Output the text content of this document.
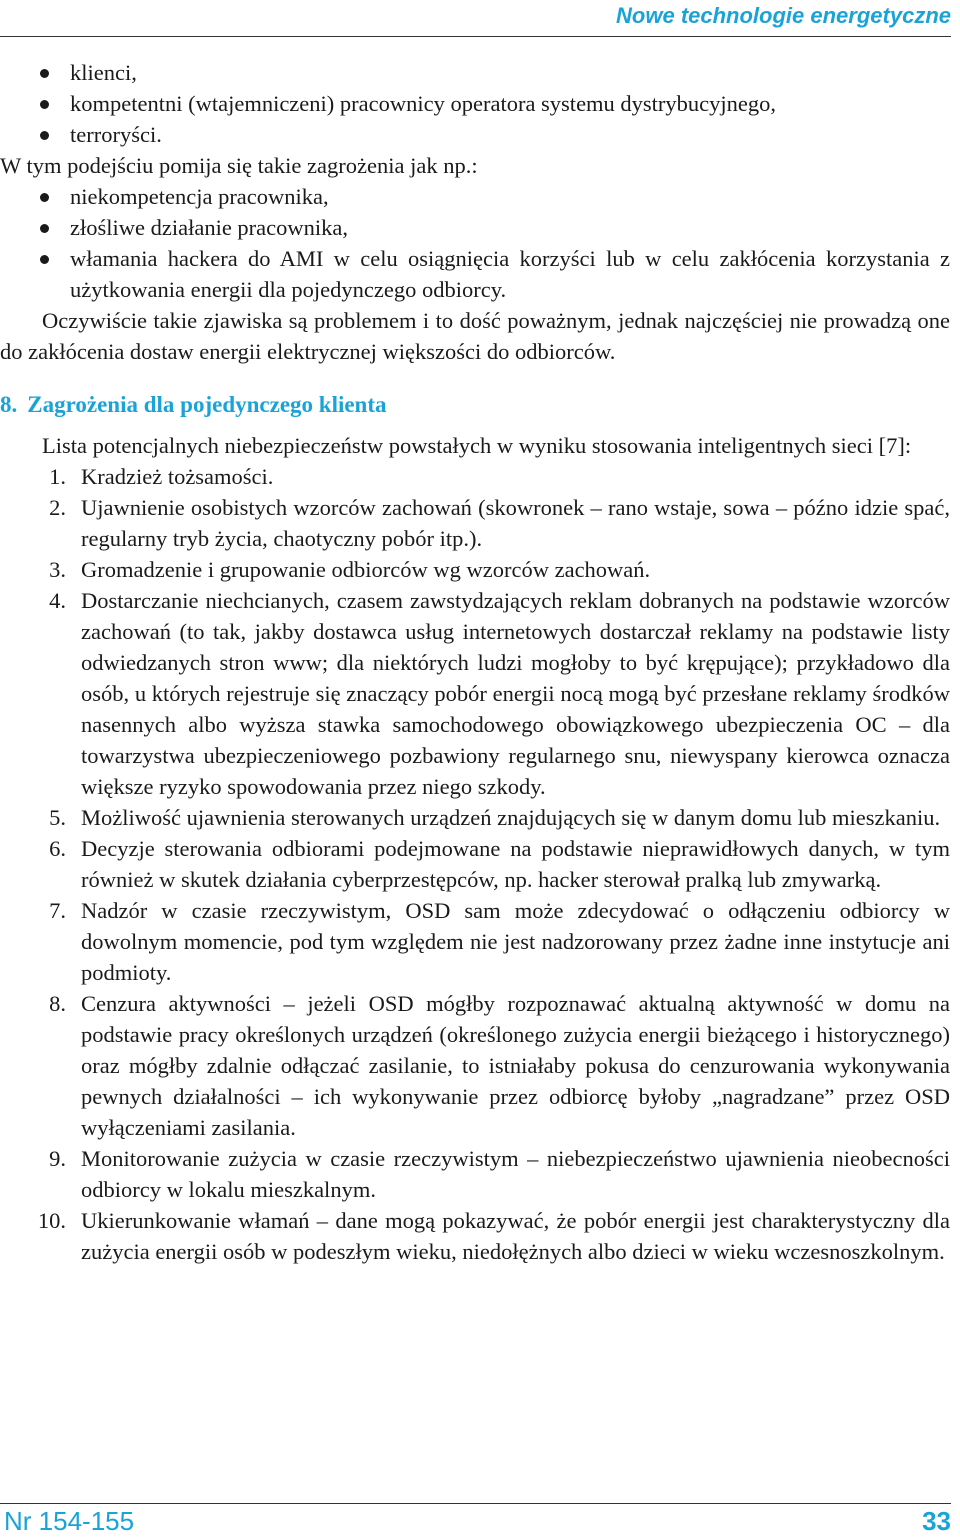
Nowe technologie energetyczne
klienci,
kompetentni (wtajemniczeni) pracownicy operatora systemu dystrybucyjnego,
terroryści.

W tym podejściu pomija się takie zagrożenia jak np.:

niekompetencja pracownika,
złośliwe działanie pracownika,
włamania hackera do AMI w celu osiągnięcia korzyści lub w celu zakłócenia korzystania z użytkowania energii dla pojedynczego odbiorcy.

Oczywiście takie zjawiska są problemem i to dość poważnym, jednak najczęściej nie prowadzą one do zakłócenia dostaw energii elektrycznej większości do odbiorców.

8. Zagrożenia dla pojedynczego klienta

Lista potencjalnych niebezpieczeństw powstałych w wyniku stosowania inteligentnych sieci [7]:

1. Kradzież tożsamości.
2. Ujawnienie osobistych wzorców zachowań (skowronek – rano wstaje, sowa – późno idzie spać, regularny tryb życia, chaotyczny pobór itp.).
3. Gromadzenie i grupowanie odbiorców wg wzorców zachowań.
4. Dostarczanie niechcianych, czasem zawstydzających reklam dobranych na podstawie wzorców zachowań (to tak, jakby dostawca usług internetowych dostarczał reklamy na podstawie listy odwiedzanych stron www; dla niektórych ludzi mogłoby to być krępujące); przykładowo dla osób, u których rejestruje się znaczący pobór energii nocą mogą być przesłane reklamy środków nasennych albo wyższa stawka samochodowego obowiązkowego ubezpieczenia OC – dla towarzystwa ubezpieczeniowego pozbawiony regularnego snu, niewyspany kierowca oznacza większe ryzyko spowodowania przez niego szkody.
5. Możliwość ujawnienia sterowanych urządzeń znajdujących się w danym domu lub mieszkaniu.
6. Decyzje sterowania odbiorami podejmowane na podstawie nieprawidłowych danych, w tym również w skutek działania cyberprzestępców, np. hacker sterował pralką lub zmywarką.
7. Nadzór w czasie rzeczywistym, OSD sam może zdecydować o odłączeniu odbiorcy w dowolnym momencie, pod tym względem nie jest nadzorowany przez żadne inne instytucje ani podmioty.
8. Cenzura aktywności – jeżeli OSD mógłby rozpoznawać aktualną aktywność w domu na podstawie pracy określonych urządzeń (określonego zużycia energii bieżącego i historycznego) oraz mógłby zdalnie odłączać zasilanie, to istniałaby pokusa do cenzurowania wykonywania pewnych działalności – ich wykonywanie przez odbiorcę byłoby „nagradzane” przez OSD wyłączeniami zasilania.
9. Monitorowanie zużycia w czasie rzeczywistym – niebezpieczeństwo ujawnienia nieobecności odbiorcy w lokalu mieszkalnym.
10. Ukierunkowanie włamań – dane mogą pokazywać, że pobór energii jest charakterystyczny dla zużycia energii osób w podeszłym wieku, niedołężnych albo dzieci w wieku wczesnoszkolnym.
Nr 154-155	33
